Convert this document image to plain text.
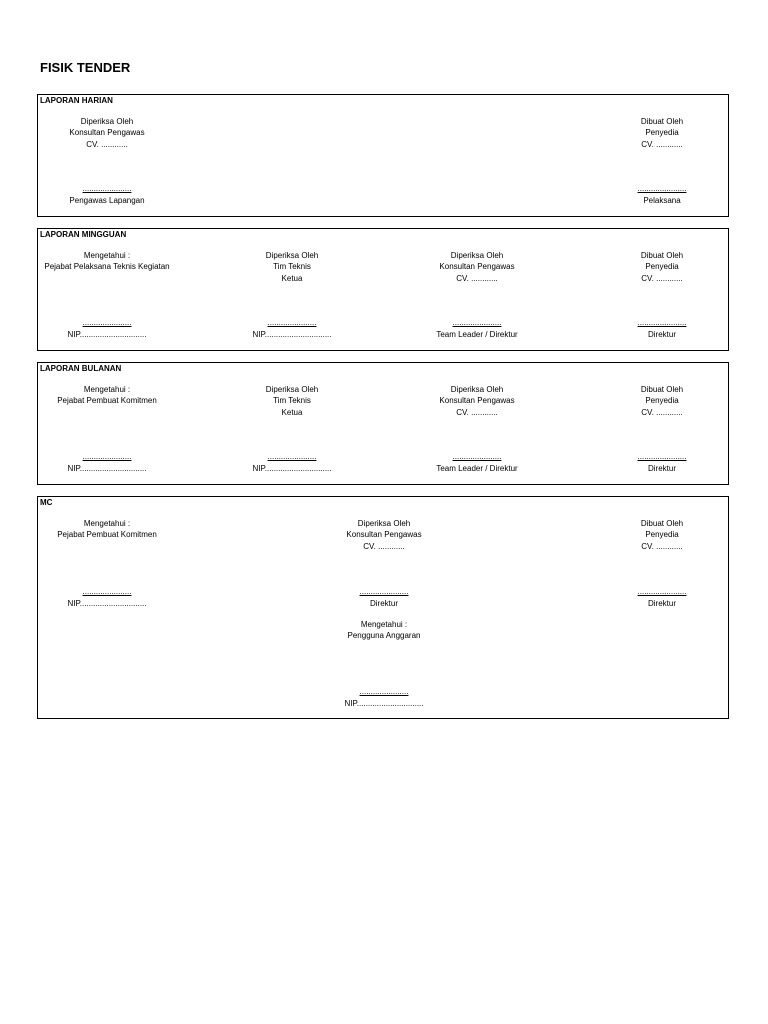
FISIK TENDER
LAPORAN HARIAN
Diperiksa Oleh
Konsultan Pengawas
CV. ............
......................
Pengawas Lapangan
Dibuat Oleh
Penyedia
CV. ............
......................
Pelaksana
LAPORAN MINGGUAN
Mengetahui :
Pejabat Pelaksana Teknis Kegiatan
......................
NIP..............................
Diperiksa Oleh
Tim Teknis
Ketua
......................
NIP..............................
Diperiksa Oleh
Konsultan Pengawas
CV. ............
......................
Team Leader / Direktur
Dibuat Oleh
Penyedia
CV. ............
......................
Direktur
LAPORAN BULANAN
Mengetahui :
Pejabat Pembuat Komitmen
......................
NIP..............................
Diperiksa Oleh
Tim Teknis
Ketua
......................
NIP..............................
Diperiksa Oleh
Konsultan Pengawas
CV. ............
......................
Team Leader / Direktur
Dibuat Oleh
Penyedia
CV. ............
......................
Direktur
MC
Mengetahui :
Pejabat Pembuat Komitmen
......................
NIP..............................
Diperiksa Oleh
Konsultan Pengawas
CV. ............
......................
Direktur
Dibuat Oleh
Penyedia
CV. ............
......................
Direktur
Mengetahui :
Pengguna Anggaran
......................
NIP..............................
